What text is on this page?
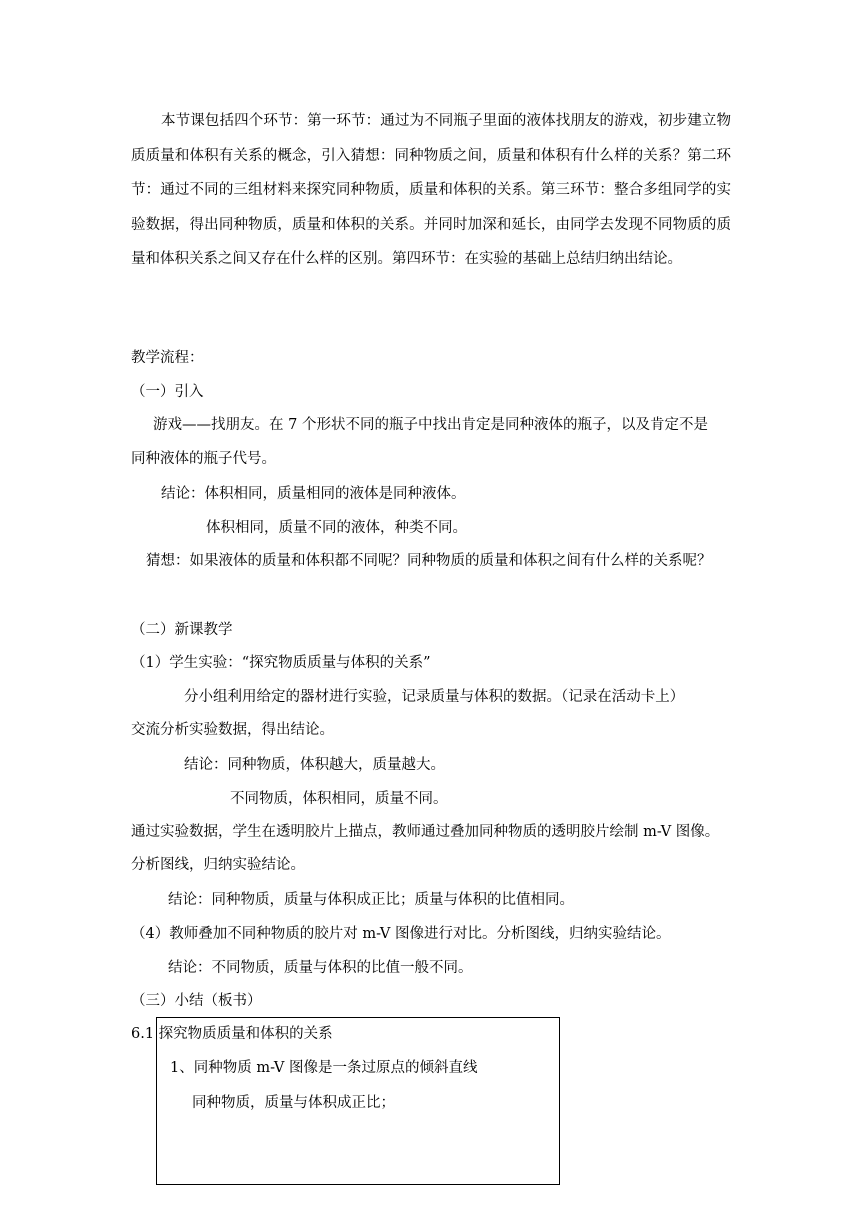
本节课包括四个环节：第一环节：通过为不同瓶子里面的液体找朋友的游戏，初步建立物质质量和体积有关系的概念，引入猜想：同种物质之间，质量和体积有什么样的关系？第二环节：通过不同的三组材料来探究同种物质，质量和体积的关系。第三环节：整合多组同学的实验数据，得出同种物质，质量和体积的关系。并同时加深和延长，由同学去发现不同物质的质量和体积关系之间又存在什么样的区别。第四环节：在实验的基础上总结归纳出结论。
教学流程：
（一）引入
游戏——找朋友。在 7 个形状不同的瓶子中找出肯定是同种液体的瓶子，以及肯定不是
同种液体的瓶子代号。
结论：体积相同，质量相同的液体是同种液体。
体积相同，质量不同的液体，种类不同。
猜想：如果液体的质量和体积都不同呢？同种物质的质量和体积之间有什么样的关系呢？
（二）新课教学
（1）学生实验：“探究物质质量与体积的关系”
分小组利用给定的器材进行实验，记录质量与体积的数据。（记录在活动卡上）
交流分析实验数据，得出结论。
结论：同种物质，体积越大，质量越大。
不同物质，体积相同，质量不同。
通过实验数据，学生在透明胶片上描点，教师通过叠加同种物质的透明胶片绘制 m-V 图像。
分析图线，归纳实验结论。
结论：同种物质，质量与体积成正比；质量与体积的比值相同。
（4）教师叠加不同种物质的胶片对 m-V 图像进行对比。分析图线，归纳实验结论。
结论：不同物质，质量与体积的比值一般不同。
（三）小结（板书）
6.1 探究物质质量和体积的关系
1、同种物质 m-V 图像是一条过原点的倾斜直线
同种物质，质量与体积成正比；
